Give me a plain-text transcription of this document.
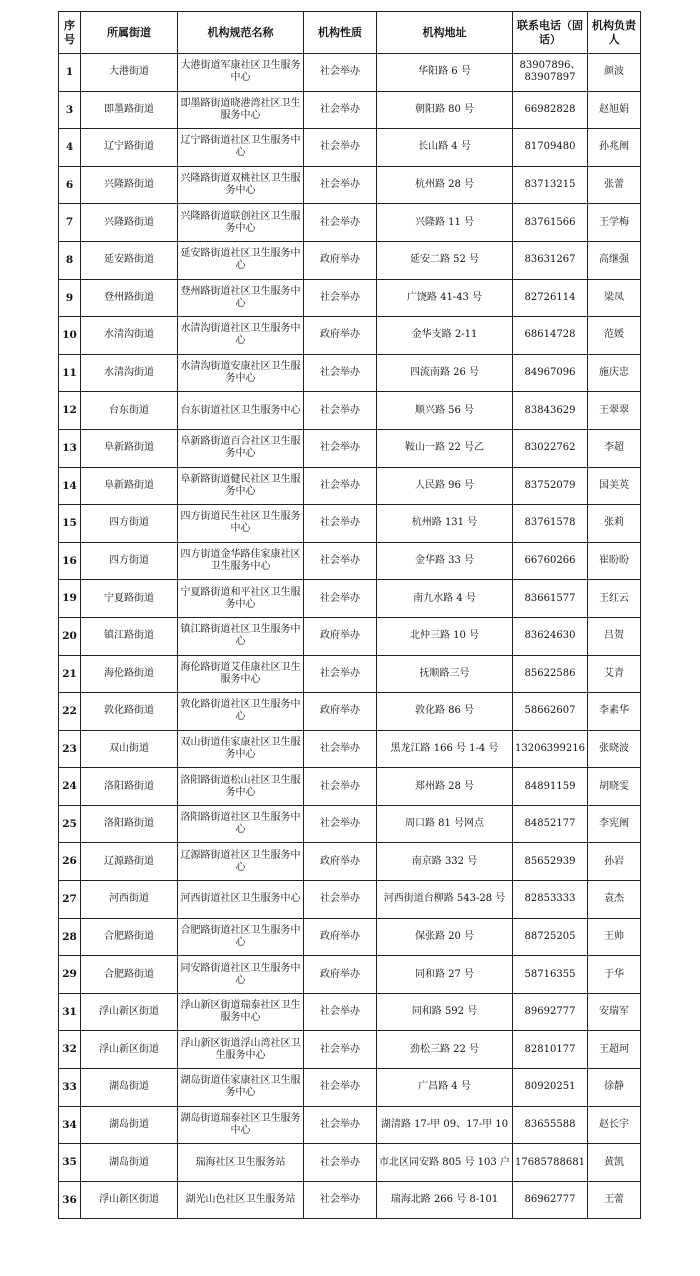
序号	所属街道	机构规范名称	机构性质	机构地址	联系电话（固话）	机构负责人
1	大港街道	大港街道军康社区卫生服务中心	社会举办	华阳路 6 号	83907896、83907897	颜波
3	即墨路街道	即墨路街道晓港湾社区卫生服务中心	社会举办	朝阳路 80 号	66982828	赵旭娟
4	辽宁路街道	辽宁路街道社区卫生服务中心	社会举办	长山路 4 号	81709480	孙兆阐
6	兴隆路街道	兴隆路街道双桃社区卫生服务中心	社会举办	杭州路 28 号	83713215	张蕾
7	兴隆路街道	兴隆路街道联创社区卫生服务中心	社会举办	兴隆路 11 号	83761566	王学梅
8	延安路街道	延安路街道社区卫生服务中心	政府举办	延安二路 52 号	83631267	高继强
9	登州路街道	登州路街道社区卫生服务中心	社会举办	广饶路 41-43 号	82726114	梁凤
10	水清沟街道	水清沟街道社区卫生服务中心	政府举办	金华支路 2-11	68614728	范媛
11	水清沟街道	水清沟街道安康社区卫生服务中心	社会举办	四流南路 26 号	84967096	施庆忠
12	台东街道	台东街道社区卫生服务中心	社会举办	顺兴路 56 号	83843629	王翠翠
13	阜新路街道	阜新路街道百合社区卫生服务中心	社会举办	鞍山一路 22 号乙	83022762	李超
14	阜新路街道	阜新路街道健民社区卫生服务中心	社会举办	人民路 96 号	83752079	国美英
15	四方街道	四方街道民生社区卫生服务中心	社会举办	杭州路 131 号	83761578	张莉
16	四方街道	四方街道金华路佳家康社区卫生服务中心	社会举办	金华路 33 号	66760266	崔盼盼
19	宁夏路街道	宁夏路街道和平社区卫生服务中心	社会举办	南九水路 4 号	83661577	王红云
20	镇江路街道	镇江路街道社区卫生服务中心	政府举办	北仲三路 10 号	83624630	吕贺
21	海伦路街道	海伦路街道艾佳康社区卫生服务中心	社会举办	抚顺路三号	85622586	艾青
22	敦化路街道	敦化路街道社区卫生服务中心	政府举办	敦化路 86 号	58662607	李素华
23	双山街道	双山街道佳家康社区卫生服务中心	社会举办	黑龙江路 166 号 1-4 号	13206399216	张晓波
24	洛阳路街道	洛阳路街道松山社区卫生服务中心	社会举办	郑州路 28 号	84891159	胡晓雯
25	洛阳路街道	洛阳路街道社区卫生服务中心	社会举办	周口路 81 号网点	84852177	李宪阐
26	辽源路街道	辽源路街道社区卫生服务中心	政府举办	南京路 332 号	85652939	孙岩
27	河西街道	河西街道社区卫生服务中心	社会举办	河西街道台柳路 543-28 号	82853333	袁杰
28	合肥路街道	合肥路街道社区卫生服务中心	政府举办	保张路 20 号	88725205	王帅
29	合肥路街道	同安路街道社区卫生服务中心	政府举办	同和路 27 号	58716355	于华
31	浮山新区街道	浮山新区街道瑞泰社区卫生服务中心	社会举办	同和路 592 号	89692777	安瑞军
32	浮山新区街道	浮山新区街道浮山湾社区卫生服务中心	社会举办	劲松三路 22 号	82810177	王超珂
33	湖岛街道	湖岛街道佳家康社区卫生服务中心	社会举办	广昌路 4 号	80920251	徐静
34	湖岛街道	湖岛街道瑞泰社区卫生服务中心	社会举办	湖清路 17-甲 09、17-甲 10	83655588	赵长宇
35	湖岛街道	瑞海社区卫生服务站	社会举办	市北区同安路 805 号 103 户	17685788681	黄凯
36	浮山新区街道	湖光山色社区卫生服务站	社会举办	瑞海北路 266 号 8-101	86962777	王蕾
